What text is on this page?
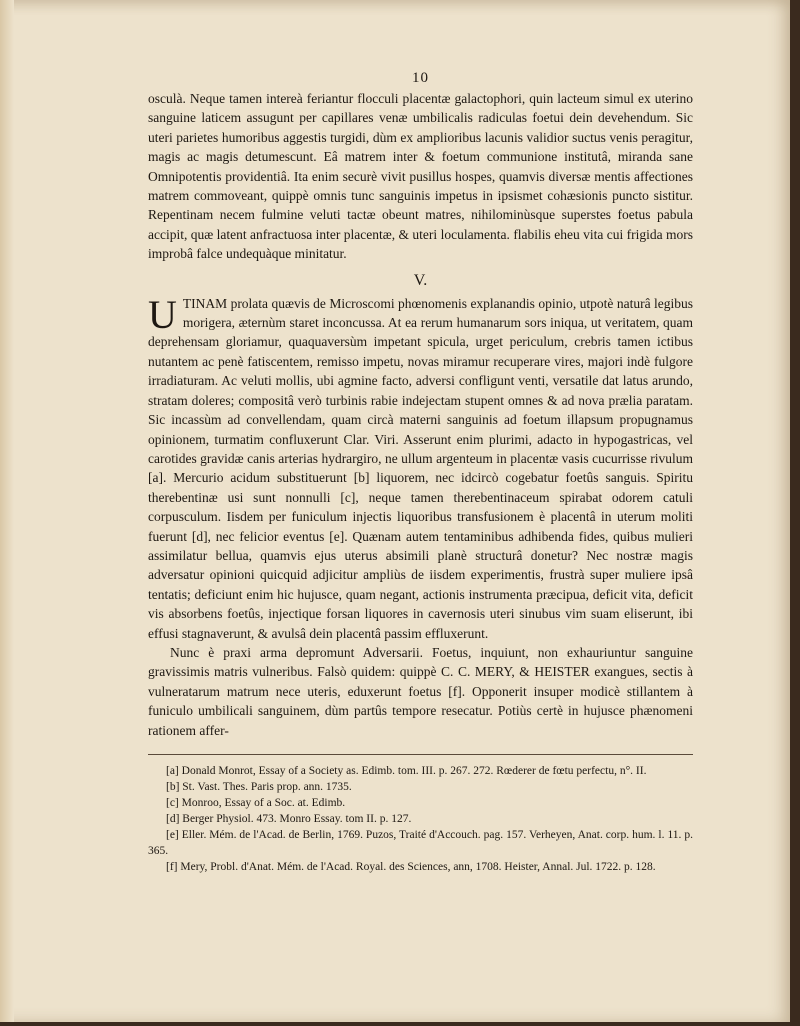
10

osculà. Neque tamen intereà feriantur flocculi placentæ galactophori, quin lacteum simul ex uterino sanguine laticem assugunt per capillares venæ umbilicalis radiculas foetui dein devehendum. Sic uteri parietes humoribus aggestis turgidi, dùm ex amplioribus lacunis validior suctus venis peragitur, magis ac magis detumescunt. Eâ matrem inter & foetum communione institutâ, miranda sane Omnipotentis providentiâ. Ita enim securè vivit pusillus hospes, quamvis diversæ mentis affectiones matrem commoveant, quippè omnis tunc sanguinis impetus in ipsismet cohæsionis puncto sistitur. Repentinam necem fulmine veluti tactæ obeunt matres, nihilominùsque superstes foetus pabula accipit, quæ latent anfractuosa inter placentæ, & uteri loculamenta. flabilis eheu vita cui frigida mors improbâ falce undequàque minitatur.

V.

UTINAM prolata quævis de Microscomi phœnomenis explanandis opinio, utpotè naturâ legibus morigera, æternùm staret inconcussa. At ea rerum humanarum sors iniqua, ut veritatem, quam deprehensam gloriamur, quaquaversùm impetant spicula, urget periculum, crebris tamen ictibus nutantem ac penè fatiscentem, remisso impetu, novas miramur recuperare vires, majori indè fulgore irradiaturam. Ac veluti mollis, ubi agmine facto, adversi confligunt venti, versatile dat latus arundo, stratam doleres; compositâ verò turbinis rabie indejectam stupent omnes & ad nova prælia paratam. Sic incassùm ad convellendam, quam circà materni sanguinis ad foetum illapsum propugnamus opinionem, turmatim confluxerunt Clar. Viri. Asserunt enim plurimi, adacto in hypogastricas, vel carotides gravidæ canis arterias hydrargiro, ne ullum argenteum in placentæ vasis cucurrisse rivulum [a]. Mercurio acidum substituerunt [b] liquorem, nec idcircò cogebatur foetûs sanguis. Spiritu therebentinæ usi sunt nonnulli [c], neque tamen therebentinaceum spirabat odorem catuli corpusculum. Iisdem per funiculum injectis liquoribus transfusionem è placentâ in uterum moliti fuerunt [d], nec felicior eventus [e]. Quænam autem tentaminibus adhibenda fides, quibus mulieri assimilatur bellua, quamvis ejus uterus absimili planè structurâ donetur? Nec nostræ magis adversatur opinioni quicquid adjicitur ampliùs de iisdem experimentis, frustrà super muliere ipsâ tentatis; deficiunt enim hic hujusce, quam negant, actionis instrumenta præcipua, deficit vita, deficit vis absorbens foetûs, injectique forsan liquores in cavernosis uteri sinubus vim suam eliserunt, ibi effusi stagnaverunt, & avulsâ dein placentâ passim effluxerunt.

Nunc è praxi arma depromunt Adversarii. Foetus, inquiunt, non exhauriuntur sanguine gravissimis matris vulneribus. Falsò quidem: quippè C. C. MERY, & HEISTER exangues, sectis à vulneratarum matrum nece uteris, eduxerunt foetus [f]. Opponerit insuper modicè stillantem à funiculo umbilicali sanguinem, dùm partûs tempore resecatur. Potiùs certè in hujusce phænomeni rationem affer-

[a] Donald Monrot, Essay of a Society as. Edimb. tom. III. p. 267. 272. Rœderer de fœtu perfectu, n°. II.

[b] St. Vast. Thes. Paris prop. ann. 1735.

[c] Monroo, Essay of a Soc. at. Edimb.

[d] Berger Physiol. 473. Monro Essay. tom II. p. 127.

[e] Eller. Mém. de l'Acad. de Berlin, 1769. Puzos, Traité d'Accouch. pag. 157. Verheyen, Anat. corp. hum. l. 11. p. 365.

[f] Mery, Probl. d'Anat. Mém. de l'Acad. Royal. des Sciences, ann, 1708. Heister, Annal. Jul. 1722. p. 128.
